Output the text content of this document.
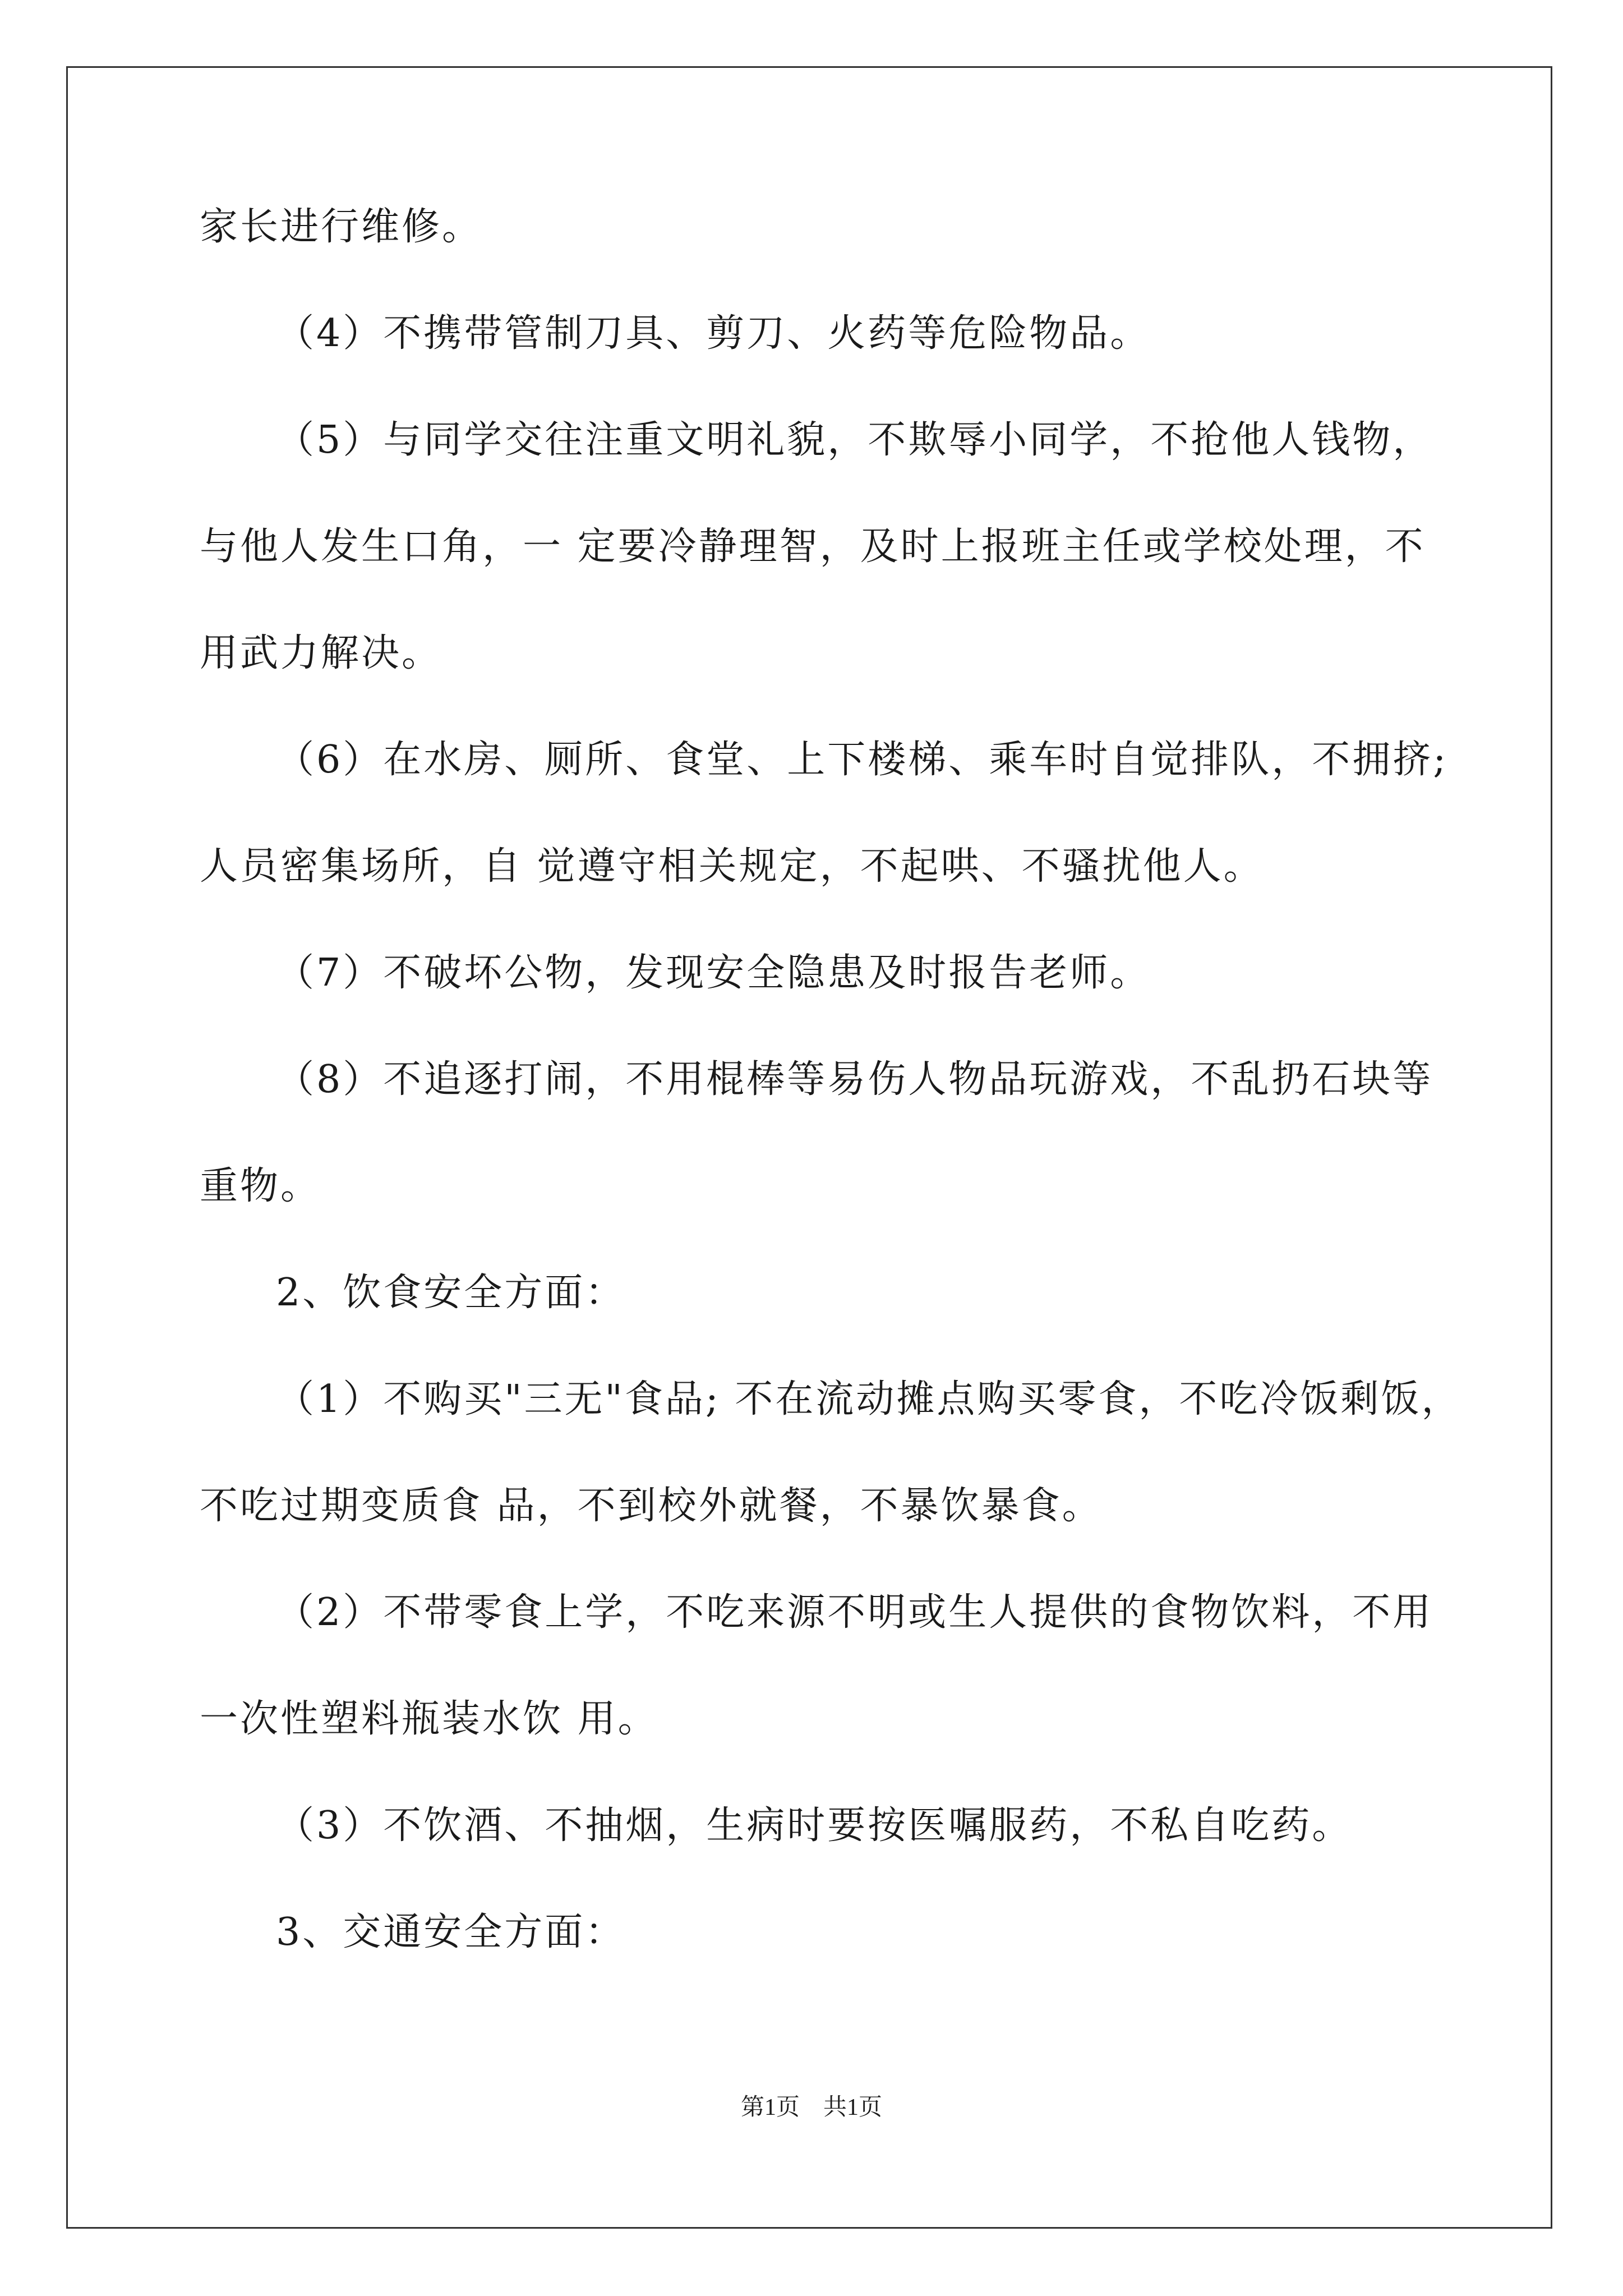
家长进行维修。
（4）不携带管制刀具、剪刀、火药等危险物品。
（5）与同学交往注重文明礼貌，不欺辱小同学，不抢他人钱物，
与他人发生口角，一 定要冷静理智，及时上报班主任或学校处理，不
用武力解决。
（6）在水房、厕所、食堂、上下楼梯、乘车时自觉排队，不拥挤;
人员密集场所，自 觉遵守相关规定，不起哄、不骚扰他人。
（7）不破坏公物，发现安全隐患及时报告老师。
（8）不追逐打闹，不用棍棒等易伤人物品玩游戏，不乱扔石块等
重物。
2、饮食安全方面：
（1）不购买"三无"食品; 不在流动摊点购买零食，不吃冷饭剩饭，
不吃过期变质食 品，不到校外就餐，不暴饮暴食。
（2）不带零食上学，不吃来源不明或生人提供的食物饮料，不用
一次性塑料瓶装水饮 用。
（3）不饮酒、不抽烟，生病时要按医嘱服药，不私自吃药。
3、交通安全方面：
第1页　共1页
